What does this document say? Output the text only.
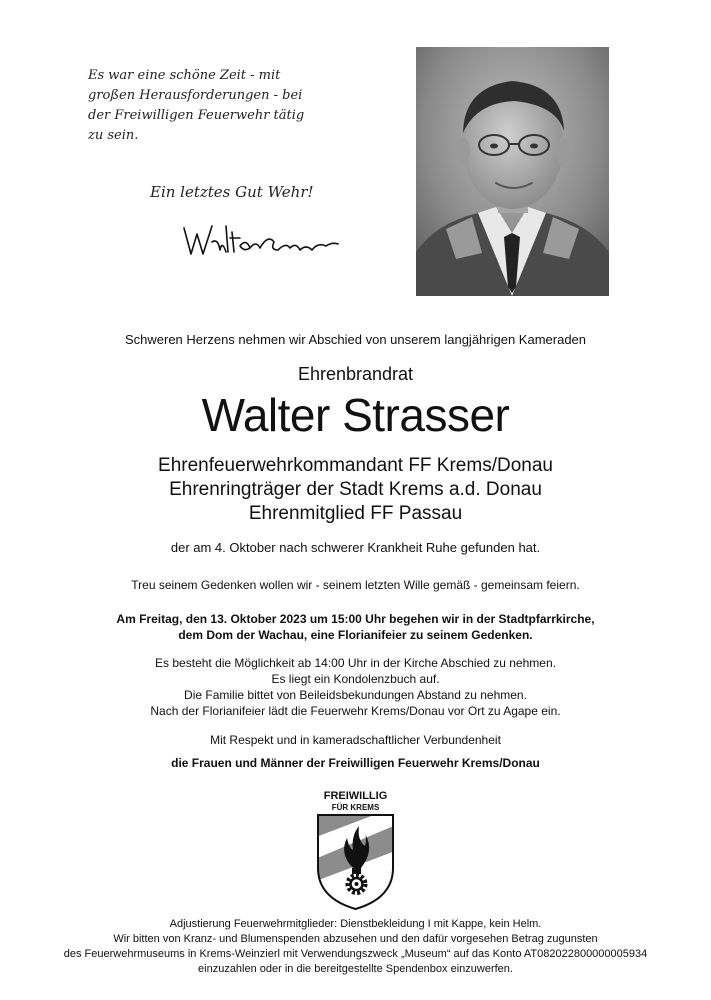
Es war eine schöne Zeit - mit
großen Herausforderungen - bei
der Freiwilligen Feuerwehr tätig
zu sein.
Ein letztes Gut Wehr!
Schweren Herzens nehmen wir Abschied von unserem langjährigen Kameraden
Ehrenbrandrat
Walter Strasser
Ehrenfeuerwehrkommandant FF Krems/Donau
Ehrenringträger der Stadt Krems a.d. Donau
Ehrenmitglied FF Passau
der am 4. Oktober nach schwerer Krankheit Ruhe gefunden hat.
Treu seinem Gedenken wollen wir - seinem letzten Wille gemäß - gemeinsam feiern.
Am Freitag, den 13. Oktober 2023 um 15:00 Uhr begehen wir in der Stadtpfarrkirche,
dem Dom der Wachau, eine Florianifeier zu seinem Gedenken.
Es besteht die Möglichkeit ab 14:00 Uhr in der Kirche Abschied zu nehmen.
Es liegt ein Kondolenzbuch auf.
Die Familie bittet von Beileidsbekundungen Abstand zu nehmen.
Nach der Florianifeier lädt die Feuerwehr Krems/Donau vor Ort zu Agape ein.
Mit Respekt und in kameradschaftlicher Verbundenheit
die Frauen und Männer der Freiwilligen Feuerwehr Krems/Donau
FREIWILLIG
FÜR KREMS
Adjustierung Feuerwehrmitglieder: Dienstbekleidung I mit Kappe, kein Helm.
Wir bitten von Kranz- und Blumenspenden abzusehen und den dafür vorgesehen Betrag zugunsten
des Feuerwehrmuseums in Krems-Weinzierl mit Verwendungszweck „Museum“ auf das Konto AT082022800000005934
einzuzahlen oder in die bereitgestellte Spendenbox einzuwerfen.
